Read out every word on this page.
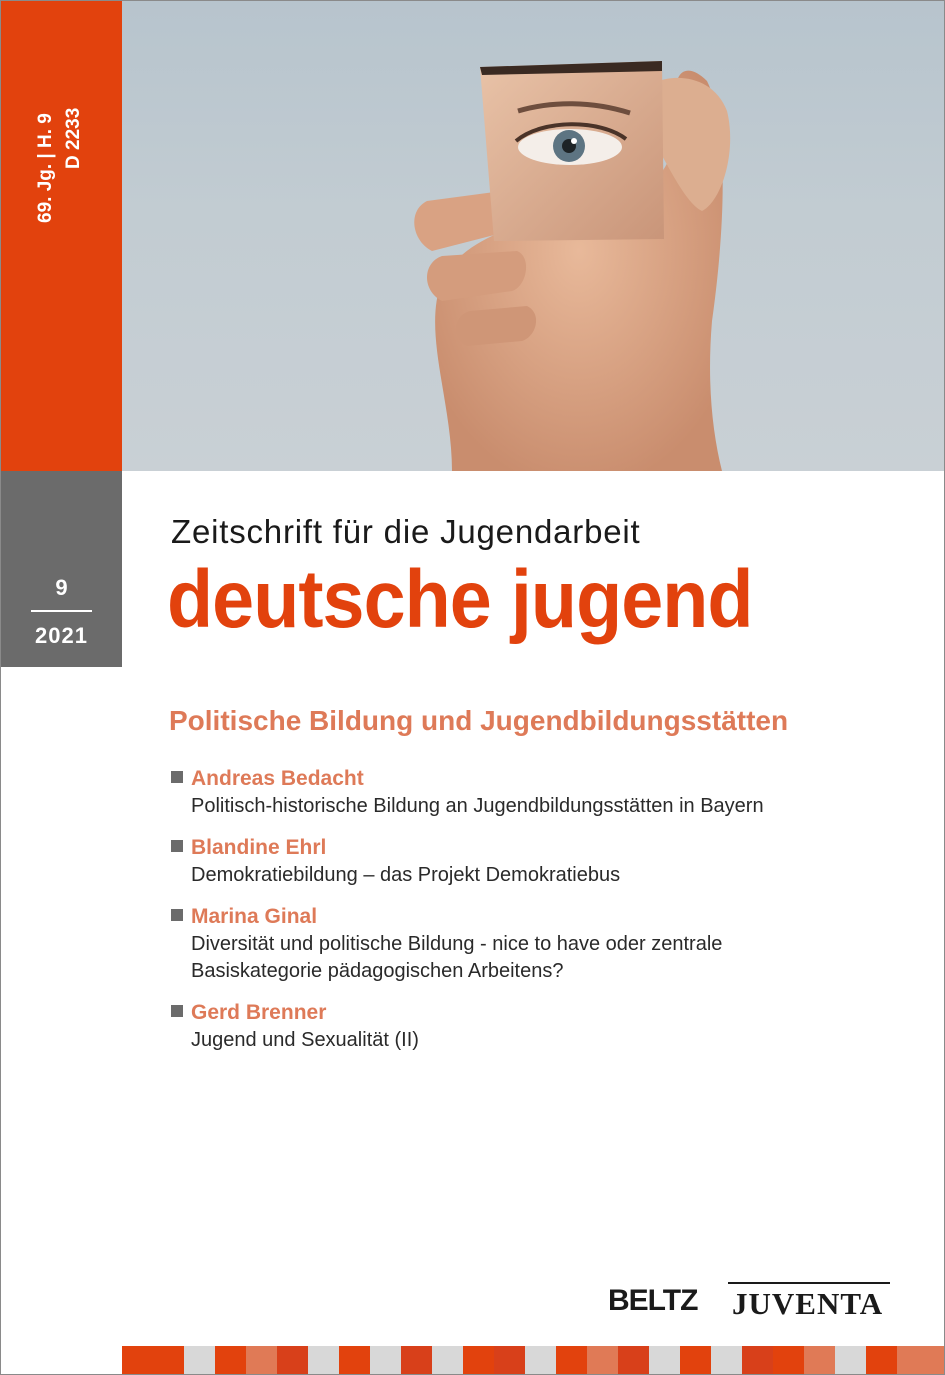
69. Jg. | H. 9 D 2233
9
2021
Zeitschrift für die Jugendarbeit
deutsche jugend
Politische Bildung und Jugendbildungsstätten
Andreas Bedacht
Politisch-historische Bildung an Jugendbildungsstätten in Bayern
Blandine Ehrl
Demokratiebildung – das Projekt Demokratiebus
Marina Ginal
Diversität und politische Bildung - nice to have oder zentrale
Basiskategorie pädagogischen Arbeitens?
Gerd Brenner
Jugend und Sexualität (II)
BELTZ JUVENTA
